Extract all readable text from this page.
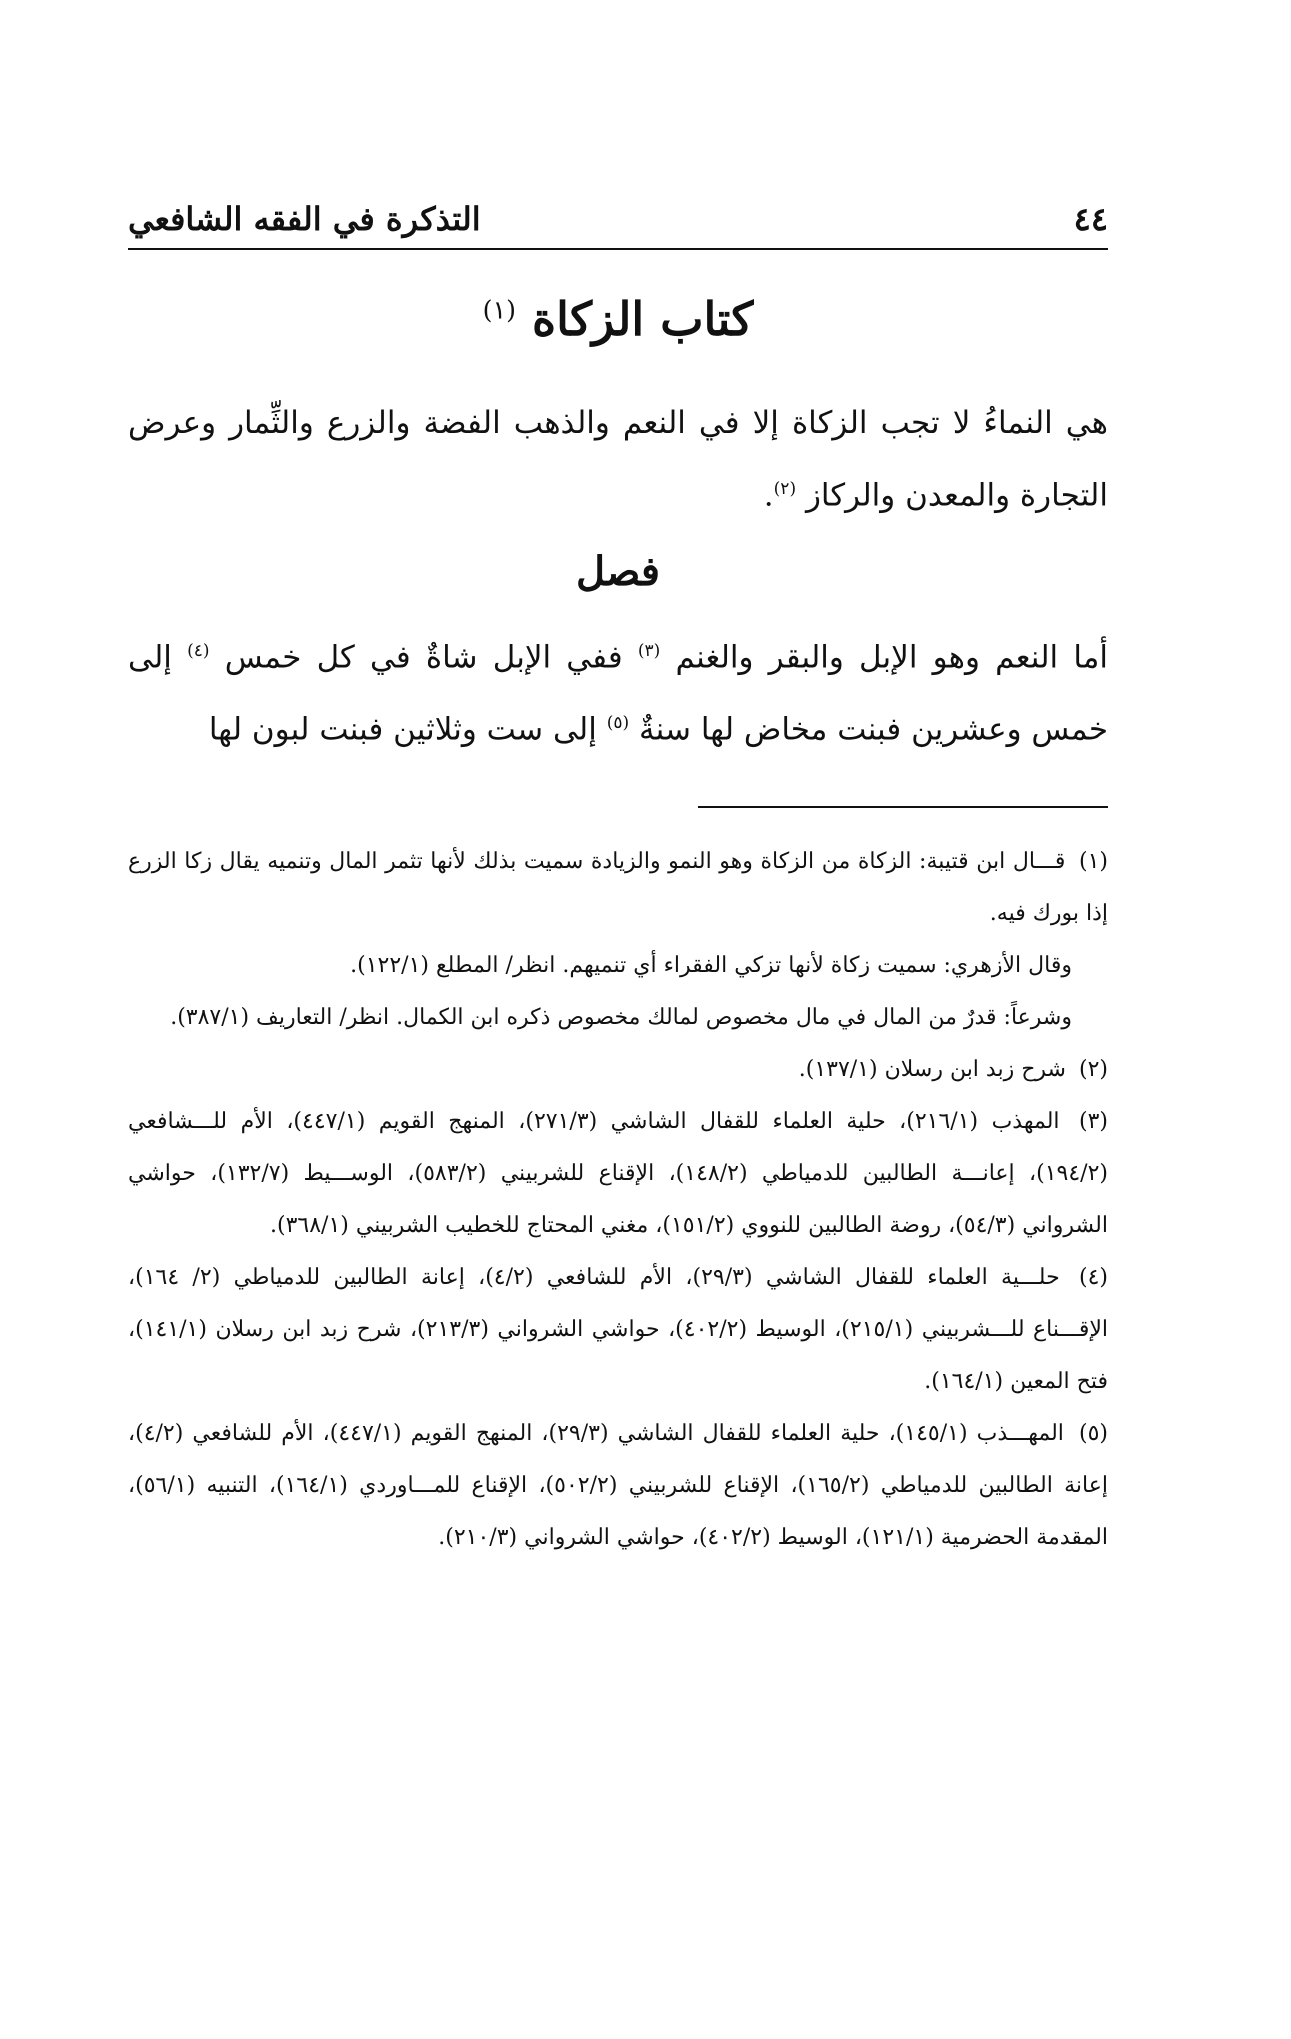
٤٤
التذكرة في الفقه الشافعي
كتاب الزكاة $^{(١)}$
هي النماءُ لا تجب الزكاة إلا في النعم والذهب الفضة والزرع والثِّمار وعرض التجارة والمعدن والركاز $^{(٢)}$.
فصل
أما النعم وهو الإبل والبقر والغنم $^{(٣)}$ ففي الإبل شاةٌ في كل خمس $^{(٤)}$ إلى خمس وعشرين فبنت مخاض لها سنةٌ $^{(٥)}$ إلى ست وثلاثين فبنت لبون لها

(١) قـــال ابن قتيبة: الزكاة من الزكاة وهو النمو والزيادة سميت بذلك لأنها تثمر المال وتنميه يقال زكا الزرع إذا بورك فيه.

وقال الأزهري: سميت زكاة لأنها تزكي الفقراء أي تنميهم. انظر/ المطلع (١٢٢/١).

وشرعاً: قدرٌ من المال في مال مخصوص لمالك مخصوص ذكره ابن الكمال. انظر/ التعاريف (٣٨٧/١).

(٢) شرح زبد ابن رسلان (١٣٧/١).

(٣) المهذب (٢١٦/١)، حلية العلماء للقفال الشاشي (٢٧١/٣)، المنهج القويم (٤٤٧/١)، الأم للـــشافعي (١٩٤/٢)، إعانـــة الطالبين للدمياطي (١٤٨/٢)، الإقناع للشربيني (٥٨٣/٢)، الوســـيط (١٣٢/٧)، حواشي الشرواني (٥٤/٣)، روضة الطالبين للنووي (١٥١/٢)، مغني المحتاج للخطيب الشربيني (٣٦٨/١).

(٤) حلـــية العلماء للقفال الشاشي (٢٩/٣)، الأم للشافعي (٤/٢)، إعانة الطالبين للدمياطي (٢/ ١٦٤)، الإقـــناع للـــشربيني (٢١٥/١)، الوسيط (٤٠٢/٢)، حواشي الشرواني (٢١٣/٣)، شرح زبد ابن رسلان (١٤١/١)، فتح المعين (١٦٤/١).

(٥) المهـــذب (١٤٥/١)، حلية العلماء للقفال الشاشي (٢٩/٣)، المنهج القويم (٤٤٧/١)، الأم للشافعي (٤/٢)، إعانة الطالبين للدمياطي (١٦٥/٢)، الإقناع للشربيني (٥٠٢/٢)، الإقناع للمـــاوردي (١٦٤/١)، التنبيه (٥٦/١)، المقدمة الحضرمية (١٢١/١)، الوسيط (٤٠٢/٢)، حواشي الشرواني (٢١٠/٣).
